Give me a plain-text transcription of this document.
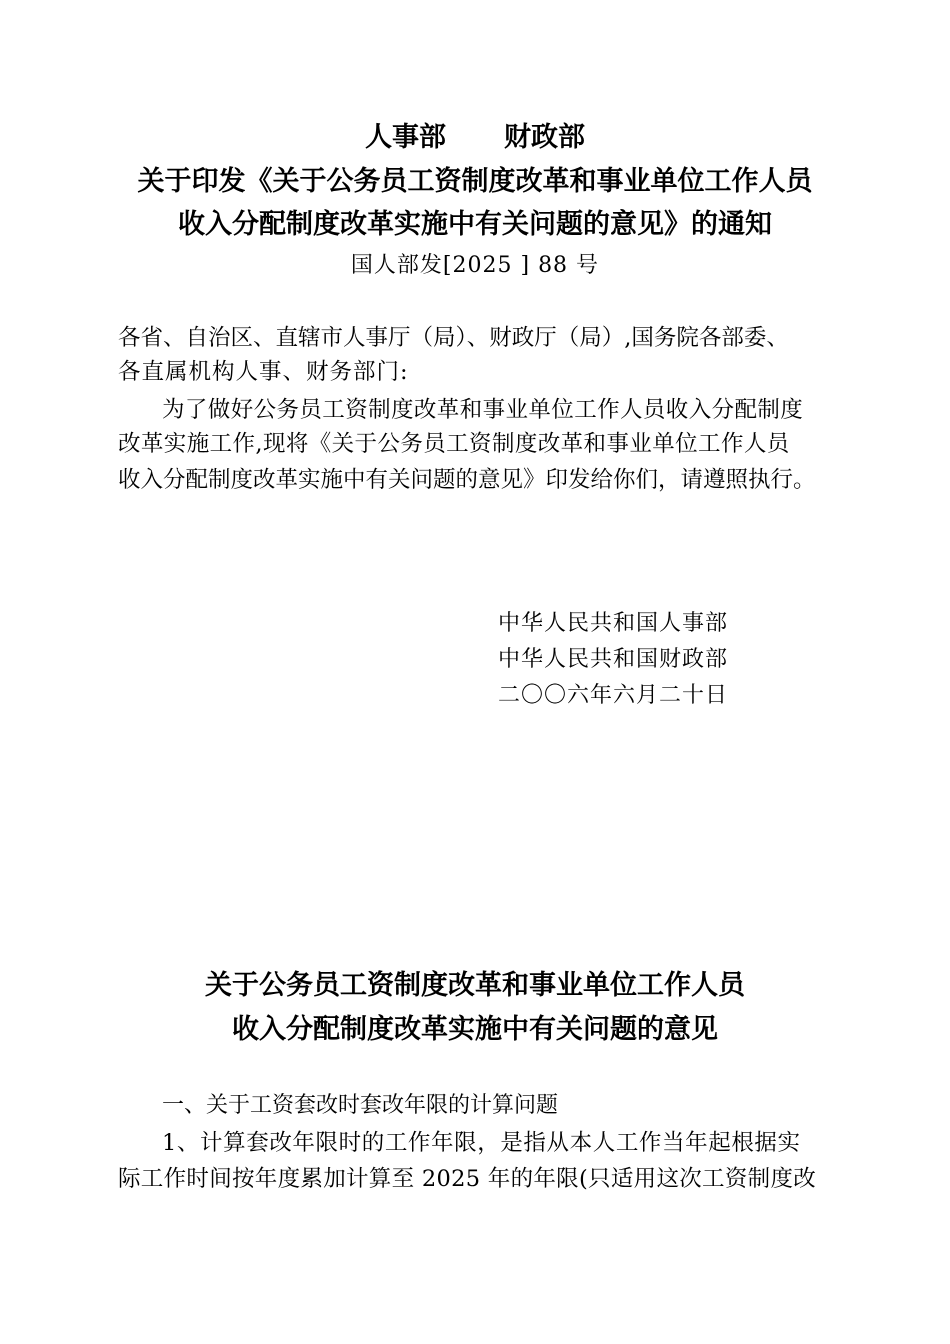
人事部 财政部
关于印发《关于公务员工资制度改革和事业单位工作人员
收入分配制度改革实施中有关问题的意见》的通知
国人部发[2025 ] 88 号
各省、自治区、直辖市人事厅（局）、财政厅（局）,国务院各部委、
各直属机构人事、财务部门:
为了做好公务员工资制度改革和事业单位工作人员收入分配制度
改革实施工作,现将《关于公务员工资制度改革和事业单位工作人员
收入分配制度改革实施中有关问题的意见》印发给你们，请遵照执行。
中华人民共和国人事部
中华人民共和国财政部
二〇〇六年六月二十日
关于公务员工资制度改革和事业单位工作人员
收入分配制度改革实施中有关问题的意见
一、关于工资套改时套改年限的计算问题
1、计算套改年限时的工作年限，是指从本人工作当年起根据实
际工作时间按年度累加计算至 2025 年的年限(只适用这次工资制度改
